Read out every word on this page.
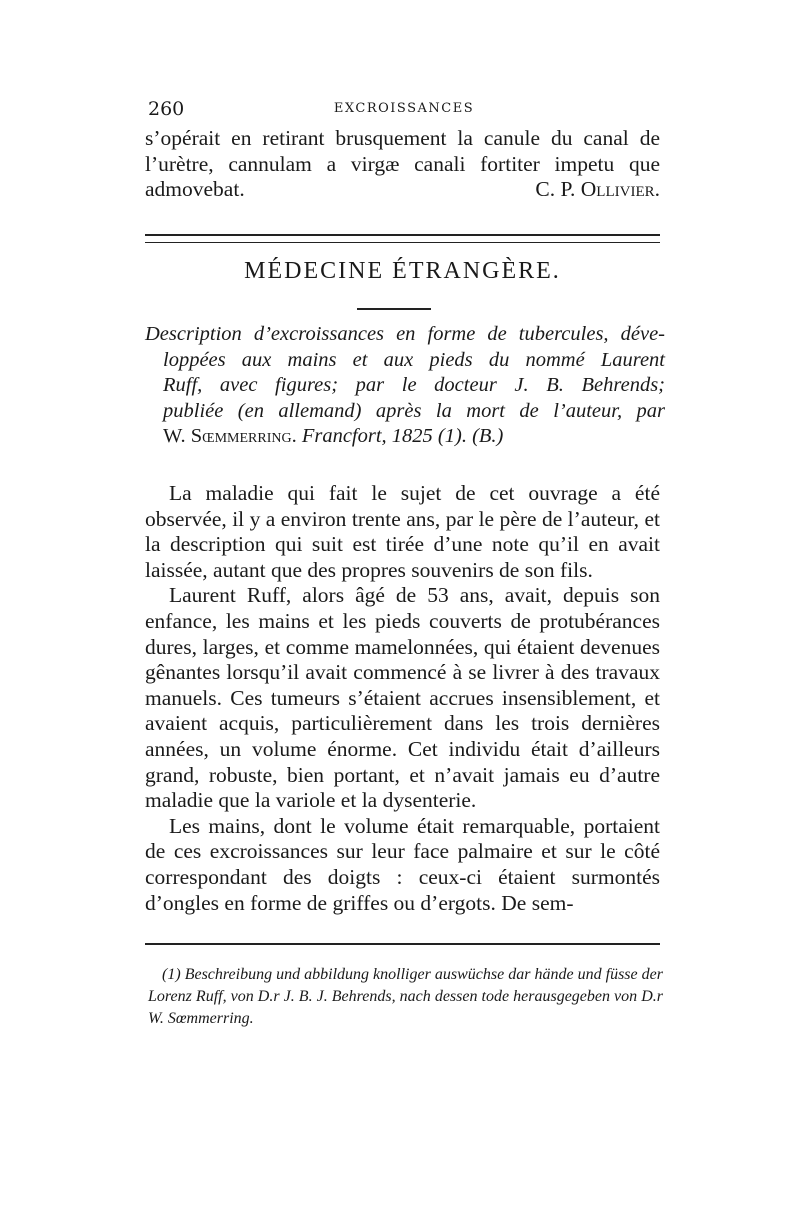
260	EXCROISSANCES
s’opérait en retirant brusquement la canule du canal de
l’urètre, cannulam a virgæ canali fortiter impetu que
admovebat.	C. P. Ollivier.
MÉDECINE ÉTRANGÈRE.
Description d’excroissances en forme de tubercules, déve-
loppées aux mains et aux pieds du nommé Laurent
Ruff, avec figures; par le docteur J. B. Behrends;
publiée (en allemand) après la mort de l’auteur, par
W. Sœmmerring. Francfort, 1825 (1). (B.)

La maladie qui fait le sujet de cet ouvrage a été observée, il y a environ trente ans, par le père de l’auteur, et la description qui suit est tirée d’une note qu’il en avait laissée, autant que des propres souvenirs de son fils.

Laurent Ruff, alors âgé de 53 ans, avait, depuis son enfance, les mains et les pieds couverts de protubérances dures, larges, et comme mamelonnées, qui étaient devenues gênantes lorsqu’il avait commencé à se livrer à des travaux manuels. Ces tumeurs s’étaient accrues insensiblement, et avaient acquis, particulièrement dans les trois dernières années, un volume énorme. Cet individu était d’ailleurs grand, robuste, bien portant, et n’avait jamais eu d’autre maladie que la variole et la dysenterie.

Les mains, dont le volume était remarquable, portaient de ces excroissances sur leur face palmaire et sur le côté correspondant des doigts : ceux-ci étaient surmontés d’ongles en forme de griffes ou d’ergots. De sem-

(1) Beschreibung und abbildung knolliger auswüchse dar hände und füsse der Lorenz Ruff, von D.r J. B. J. Behrends, nach dessen tode herausgegeben von D.r W. Sœmmerring.
